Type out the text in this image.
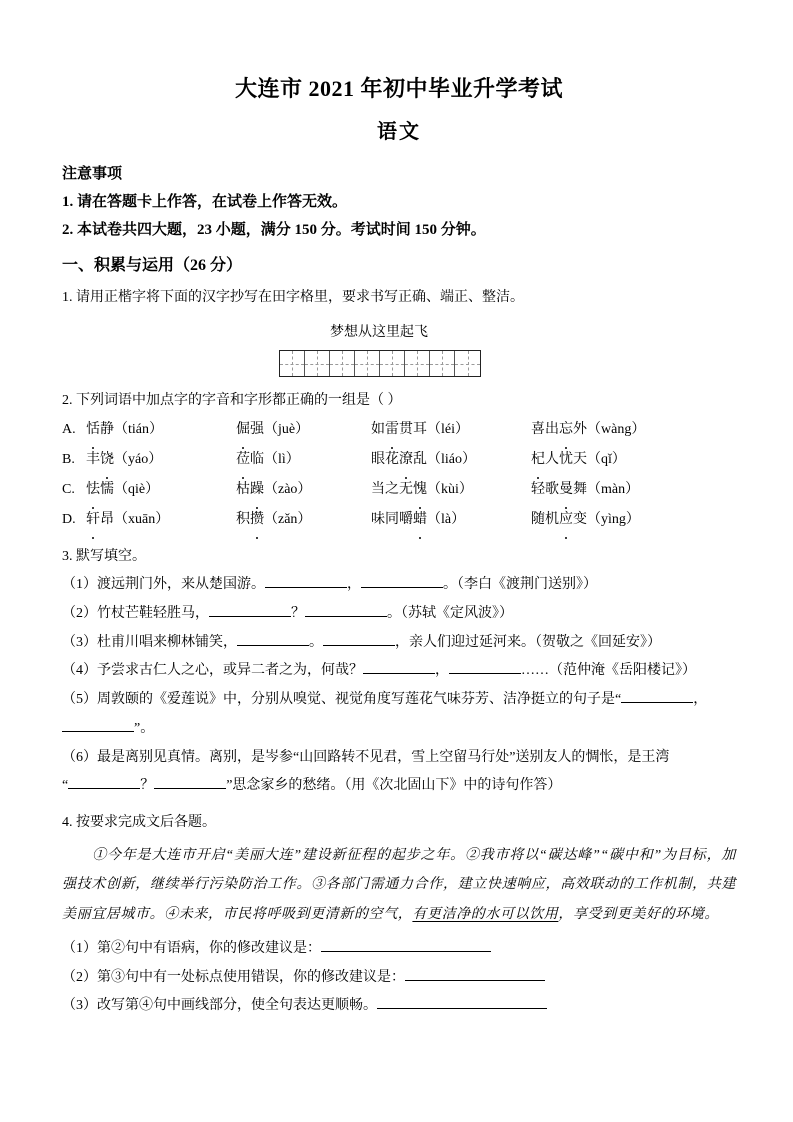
大连市 2021 年初中毕业升学考试
语文
注意事项
1. 请在答题卡上作答，在试卷上作答无效。
2. 本试卷共四大题，23 小题，满分 150 分。考试时间 150 分钟。
一、积累与运用（26 分）
1. 请用正楷字将下面的汉字抄写在田字格里，要求书写正确、端正、整洁。
梦想从这里起飞
2. 下列词语中加点字的字音和字形都正确的一组是（ ）
A. 恬静（tián）	倔强（juè）	如雷贯耳（léi）	喜出忘外（wàng）
B. 丰饶（yáo）	莅临（lì）	眼花潦乱（liáo）	杞人忧天（qǐ）
C. 怯懦（qiè）	枯躁（zào）	当之无愧（kùi）	轻歌曼舞（màn）
D. 轩昂（xuān）	积攒（zǎn）	味同嚼蜡（là）	随机应变（yìng）
3. 默写填空。
（1）渡远荆门外，来从楚国游。	，	。（李白《渡荆门送别》）
（2）竹杖芒鞋轻胜马，	？	。（苏轼《定风波》）
（3）杜甫川唱来柳林铺笑，	。	，亲人们迎过延河来。（贺敬之《回延安》）
（4）予尝求古仁人之心，或异二者之为，何哉？	，	……（范仲淹《岳阳楼记》）
（5）周敦颐的《爱莲说》中，分别从嗅觉、视觉角度写莲花气味芬芳、洁净挺立的句子是“	，
”。
（6）最是离别见真情。离别，是岑参“山回路转不见君，雪上空留马行处”送别友人的惆怅，是王湾
“	？	”思念家乡的愁绪。（用《次北固山下》中的诗句作答）
4. 按要求完成文后各题。
①今年是大连市开启“美丽大连”建设新征程的起步之年。②我市将以“碳达峰”“碳中和”为目标，加强技术创新，继续举行污染防治工作。③各部门需通力合作，建立快速响应，高效联动的工作机制，共建美丽宜居城市。④未来，市民将呼吸到更清新的空气，有更洁净的水可以饮用，享受到更美好的环境。
（1）第②句中有语病，你的修改建议是：
（2）第③句中有一处标点使用错误，你的修改建议是：
（3）改写第④句中画线部分，使全句表达更顺畅。
